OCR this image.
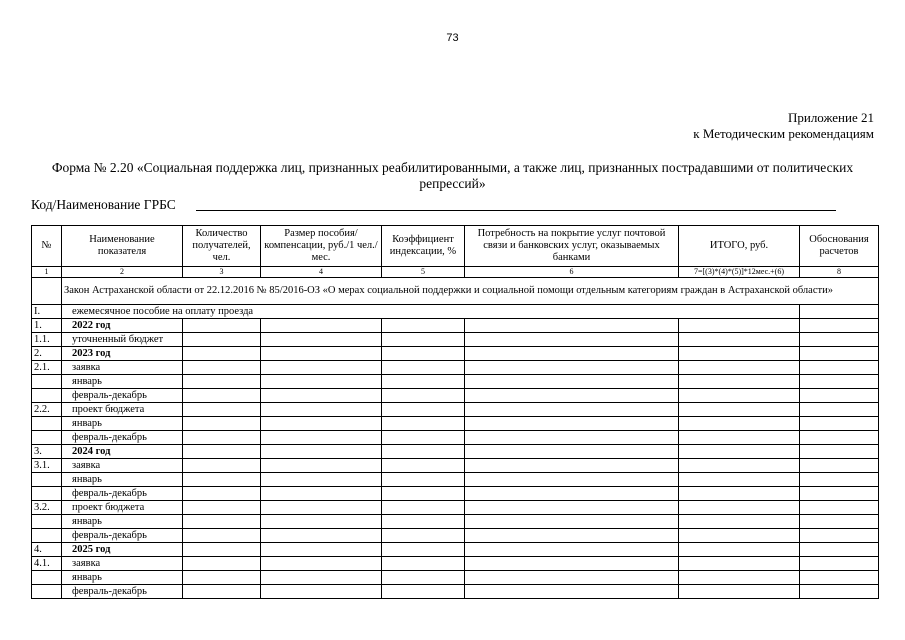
73
Приложение 21
к Методическим рекомендациям
Форма № 2.20 «Социальная поддержка лиц, признанных реабилитированными, а также лиц, признанных пострадавшими от политических репрессий»
Код/Наименование ГРБС
№	Наименование показателя	Количество получателей, чел.	Размер пособия/компенсации, руб./1 чел./мес.	Коэффициент индексации, %	Потребность на покрытие услуг почтовой связи и банковских услуг, оказываемых банками	ИТОГО, руб.	Обоснования расчетов
1	2	3	4	5	6	7=[(3)*(4)*(5)]*12мес.+(6)	8
	Закон Астраханской области от 22.12.2016 № 85/2016-ОЗ «О мерах социальной поддержки и социальной помощи отдельным категориям граждан в Астраханской области»						
I.	ежемесячное пособие на оплату проезда						
1.	2022 год						
1.1.	уточненный бюджет						
2.	2023 год						
2.1.	заявка						
	январь						
	февраль-декабрь						
2.2.	проект бюджета						
	январь						
	февраль-декабрь						
3.	2024 год						
3.1.	заявка						
	январь						
	февраль-декабрь						
3.2.	проект бюджета						
	январь						
	февраль-декабрь						
4.	2025 год						
4.1.	заявка						
	январь						
	февраль-декабрь						
